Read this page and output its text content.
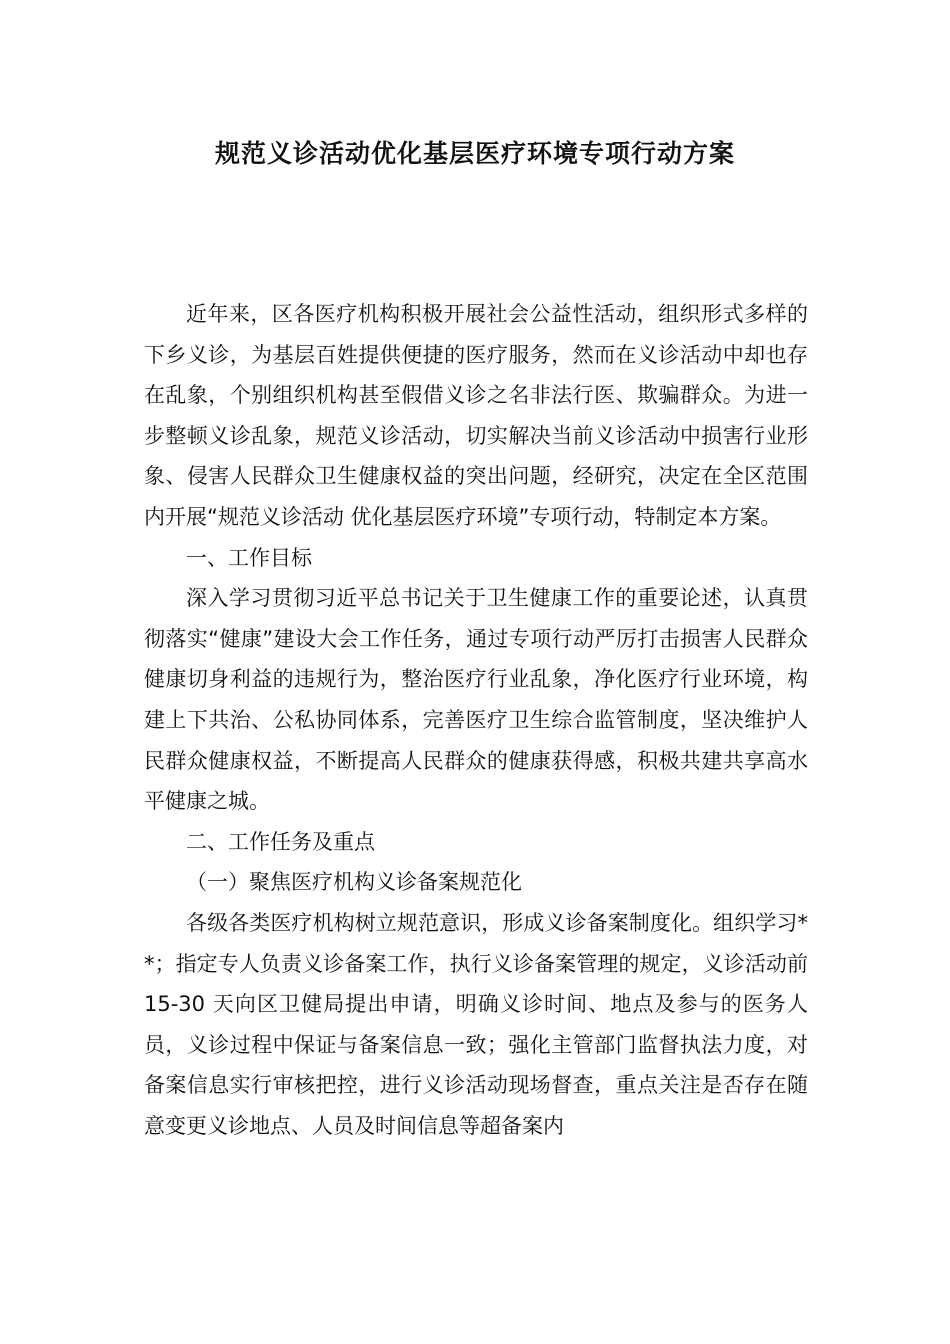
规范义诊活动优化基层医疗环境专项行动方案

近年来，区各医疗机构积极开展社会公益性活动，组织形式多样的下乡义诊，为基层百姓提供便捷的医疗服务，然而在义诊活动中却也存在乱象，个别组织机构甚至假借义诊之名非法行医、欺骗群众。为进一步整顿义诊乱象，规范义诊活动，切实解决当前义诊活动中损害行业形象、侵害人民群众卫生健康权益的突出问题，经研究，决定在全区范围内开展“规范义诊活动 优化基层医疗环境”专项行动，特制定本方案。

一、工作目标

深入学习贯彻习近平总书记关于卫生健康工作的重要论述，认真贯彻落实“健康”建设大会工作任务，通过专项行动严厉打击损害人民群众健康切身利益的违规行为，整治医疗行业乱象，净化医疗行业环境，构建上下共治、公私协同体系，完善医疗卫生综合监管制度，坚决维护人民群众健康权益，不断提高人民群众的健康获得感，积极共建共享高水平健康之城。

二、工作任务及重点

（一）聚焦医疗机构义诊备案规范化

各级各类医疗机构树立规范意识，形成义诊备案制度化。组织学习**；指定专人负责义诊备案工作，执行义诊备案管理的规定，义诊活动前 15-30 天向区卫健局提出申请，明确义诊时间、地点及参与的医务人员，义诊过程中保证与备案信息一致；强化主管部门监督执法力度，对备案信息实行审核把控，进行义诊活动现场督查，重点关注是否存在随意变更义诊地点、人员及时间信息等超备案内
